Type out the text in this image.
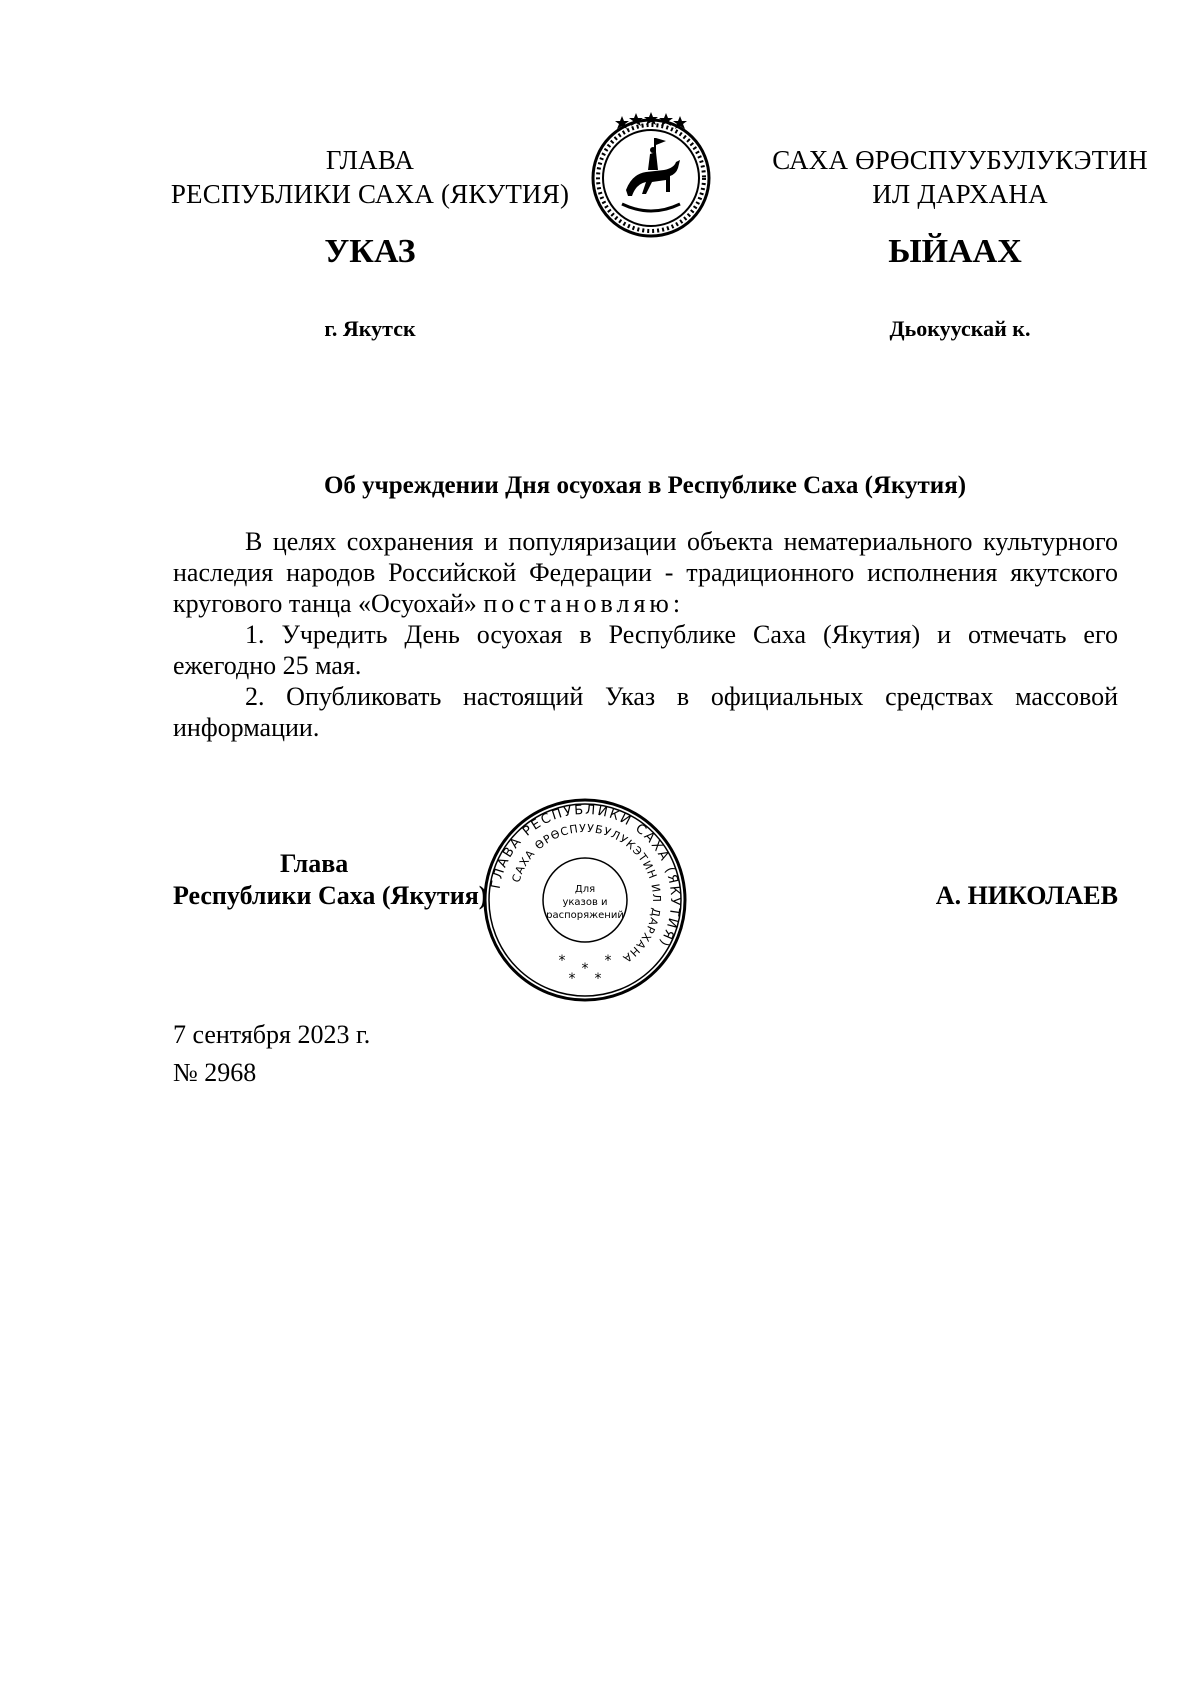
ГЛАВА
РЕСПУБЛИКИ САХА (ЯКУТИЯ)
САХА ӨРӨСПУУБУЛУКЭТИН
ИЛ ДАРХАНА
УКАЗ	ЫЙААХ
г. Якутск	Дьокуускай к.
Об учреждении Дня осуохая в Республике Саха (Якутия)

В целях сохранения и популяризации объекта нематериального культурного наследия народов Российской Федерации - традиционного исполнения якутского кругового танца «Осуохай» постановляю:

1. Учредить День осуохая в Республике Саха (Якутия) и отмечать его ежегодно 25 мая.

2. Опубликовать настоящий Указ в официальных средствах массовой информации.

Глава
Республики Саха (Якутия)	А. НИКОЛАЕВ
ГЛАВА РЕСПУБЛИКИ САХА (ЯКУТИЯ)
САХА ӨРӨСПУУБУЛУКЭТИН ИЛ ДАРХАНА
Для
указов и
распоряжений
* * *
* *
7 сентября 2023 г.
№ 2968
